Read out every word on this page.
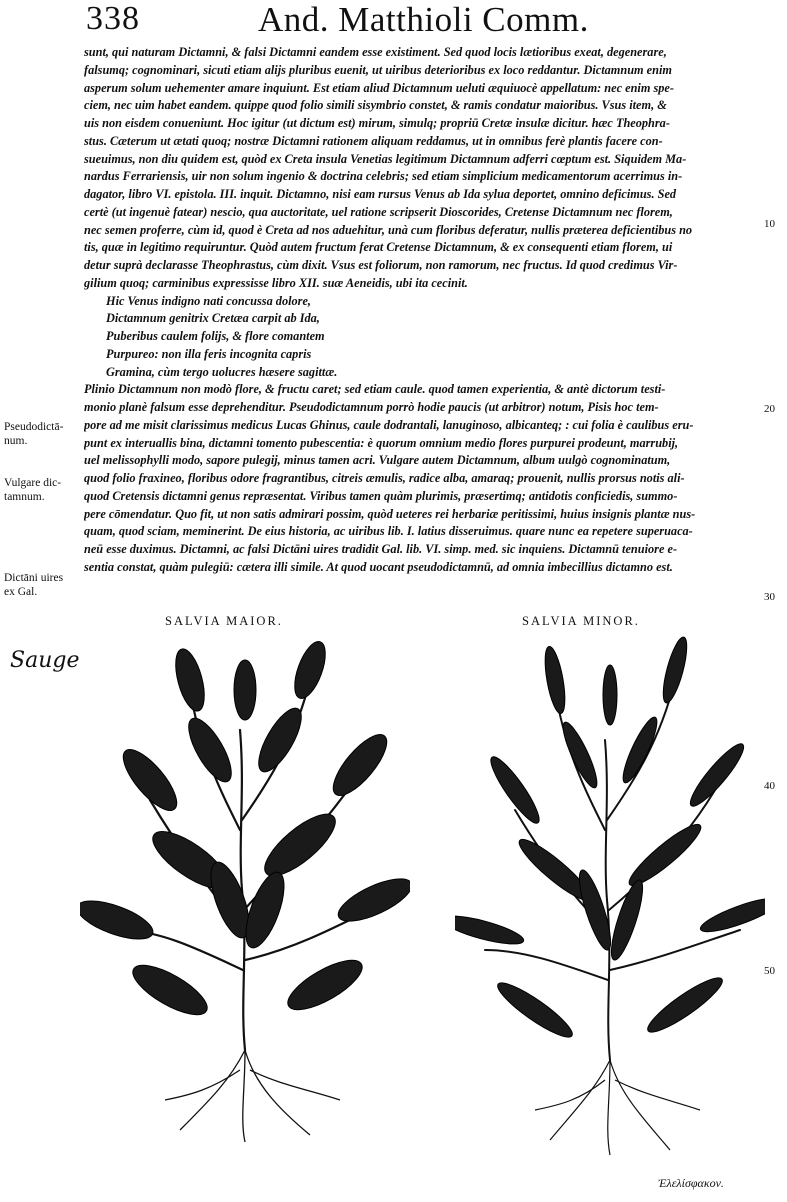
338	And. Matthioli Comm.
sunt, qui naturam Dictamni, & falsi Dictamni eandem esse existiment. Sed quod locis lætioribus exeat, degenerare,
falsumq; cognominari, sicuti etiam alijs pluribus euenit, ut uiribus deterioribus ex loco reddantur. Dictamnum enim
asperum solum uehementer amare inquiunt. Est etiam aliud Dictamnum ueluti æquiuocè appellatum: nec enim spe-
ciem, nec uim habet eandem. quippe quod folio simili sisymbrio constet, & ramis condatur maioribus. Vsus item, &
uis non eisdem conueniunt. Hoc igitur (ut dictum est) mirum, simulq; propriū Cretæ insulæ dicitur. hæc Theophra-
stus. Cæterum ut ætati quoq; nostræ Dictamni rationem aliquam reddamus, ut in omnibus ferè plantis facere con-
sueuimus, non diu quidem est, quòd ex Creta insula Venetias legitimum Dictamnum adferri cœptum est. Siquidem Ma-
nardus Ferrariensis, uir non solum ingenio & doctrina celebris; sed etiam simplicium medicamentorum acerrimus in-
dagator, libro VI. epistola. III. inquit. Dictamno, nisi eam rursus Venus ab Ida sylua deportet, omnino deficimus. Sed
certè (ut ingenuè fatear) nescio, qua auctoritate, uel ratione scripserit Dioscorides, Cretense Dictamnum nec florem,
nec semen proferre, cùm id, quod è Creta ad nos aduehitur, unà cum floribus deferatur, nullis præterea deficientibus no
tis, quæ in legitimo requiruntur. Quòd autem fructum ferat Cretense Dictamnum, & ex consequenti etiam florem, ui
detur suprà declarasse Theophrastus, cùm dixit. Vsus est foliorum, non ramorum, nec fructus. Id quod credimus Vir-
gilium quoq; carminibus expressisse libro XII. suæ Aeneidis, ubi ita cecinit.
Hic Venus indigno nati concussa dolore,
Dictamnum genitrix Cretæa carpit ab Ida,
Puberibus caulem folijs, & flore comantem
Purpureo: non illa feris incognita capris
Gramina, cùm tergo uolucres hæsere sagittæ.
Plinio Dictamnum non modò flore, & fructu caret; sed etiam caule. quod tamen experientia, & antè dictorum testi-
monio planè falsum esse deprehenditur. Pseudodictamnum porrò hodie paucis (ut arbitror) notum, Pisis hoc tem-
pore ad me misit clarissimus medicus Lucas Ghinus, caule dodrantali, lanuginoso, albicanteq; : cui folia è caulibus eru-
punt ex interuallis bina, dictamni tomento pubescentia: è quorum omnium medio flores purpurei prodeunt, marrubij,
uel melissophylli modo, sapore pulegij, minus tamen acri. Vulgare autem Dictamnum, album uulgò cognominatum,
quod folio fraxineo, floribus odore fragrantibus, citreis æmulis, radice alba, amaraq; prouenit, nullis prorsus notis ali-
quod Cretensis dictamni genus repræsentat. Viribus tamen quàm plurimis, præsertimq; antidotis conficiedis, summo-
pere cōmendatur. Quo fit, ut non satis admirari possim, quòd ueteres rei herbariæ peritissimi, huius insignis plantæ nus-
quam, quod sciam, meminerint. De eius historia, ac uiribus lib. I. latius disseruimus. quare nunc ea repetere superuaca-
neū esse duximus. Dictamni, ac falsi Dictāni uires tradidit Gal. lib. VI. simp. med. sic inquiens. Dictamnū tenuiore e-
sentia constat, quàm pulegiū: cætera illi simile. At quod uocant pseudodictamnū, ad omnia imbecillius dictamno est.
Pseudodictā-
num.
Vulgare dic-
tamnum.
Dictāni uires
ex Gal.
10
20
30
40
50
SALVIA MAIOR.	SALVIA MINOR.
Sauge
Ἐλελίσφακον.
